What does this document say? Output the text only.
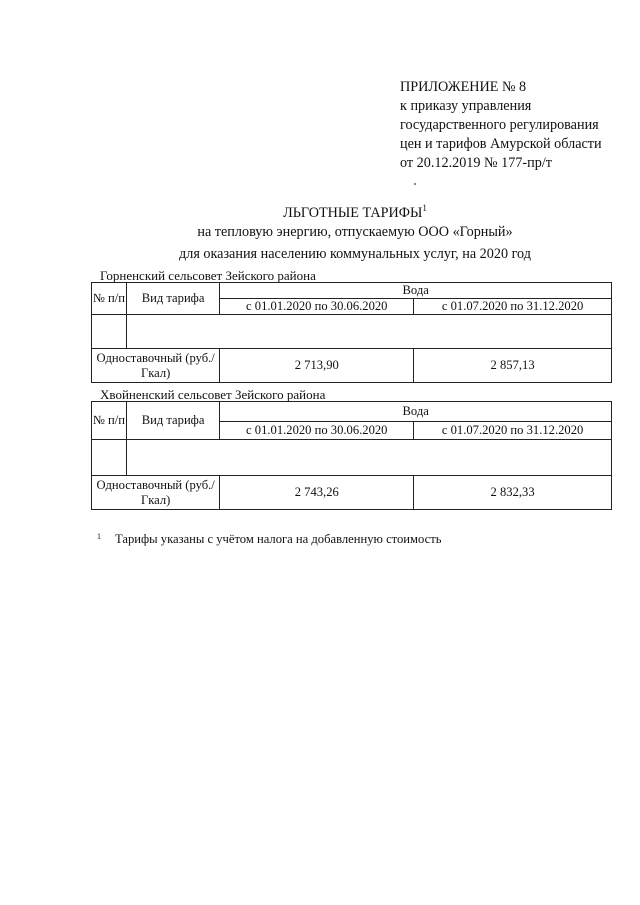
ПРИЛОЖЕНИЕ № 8
к приказу управления
государственного регулирования
цен и тарифов Амурской области
от 20.12.2019 № 177-пр/т
ЛЬГОТНЫЕ ТАРИФЫ$^1$
на тепловую энергию, отпускаемую ООО «Горный»
для оказания населению коммунальных услуг, на 2020 год
Горненский сельсовет Зейского района
№ п/п	Вид тарифа	Вода	
		с 01.01.2020 по 30.06.2020	с 01.07.2020 по 31.12.2020

Одноставочный (руб./Гкал)		2 713,90	2 857,13
Хвойненский сельсовет Зейского района
№ п/п	Вид тарифа	Вода	
		с 01.01.2020 по 30.06.2020	с 01.07.2020 по 31.12.2020

Одноставочный (руб./Гкал)		2 743,26	2 832,33
$^1$ Тарифы указаны с учётом налога на добавленную стоимость
